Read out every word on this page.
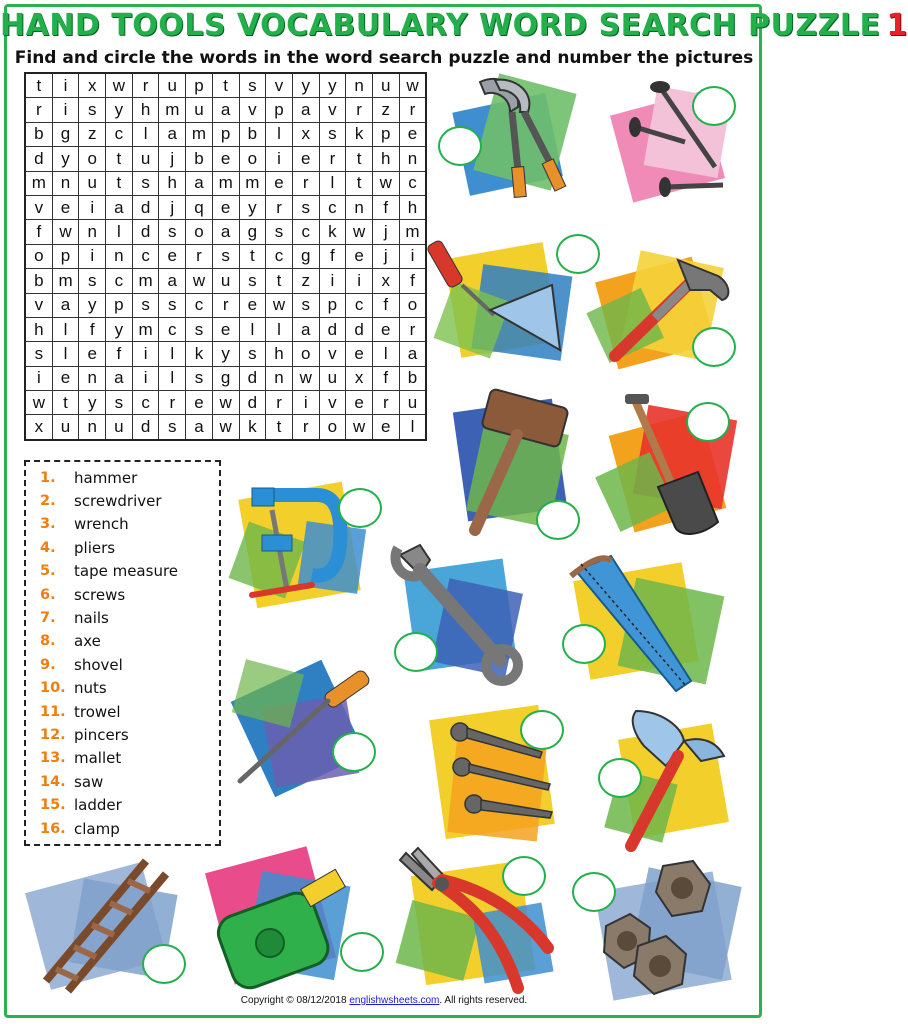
HAND TOOLS VOCABULARY WORD SEARCH PUZZLE 1
Find and circle the words in the word search puzzle and number the pictures
t	i	x	w	r	u	p	t	s	v	y	y	n	u	w
r	i	s	y	h	m	u	a	v	p	a	v	r	z	r
b	g	z	c	l	a	m	p	b	l	x	s	k	p	e
d	y	o	t	u	j	b	e	o	i	e	r	t	h	n
m	n	u	t	s	h	a	m	m	e	r	l	t	w	c
v	e	i	a	d	j	q	e	y	r	s	c	n	f	h
f	w	n	l	d	s	o	a	g	s	c	k	w	j	m
o	p	i	n	c	e	r	s	t	c	g	f	e	j	i
b	m	s	c	m	a	w	u	s	t	z	i	i	x	f
v	a	y	p	s	s	c	r	e	w	s	p	c	f	o
h	l	f	y	m	c	s	e	l	l	a	d	d	e	r
s	l	e	f	i	l	k	y	s	h	o	v	e	l	a
i	e	n	a	i	l	s	g	d	n	w	u	x	f	b
w	t	y	s	c	r	e	w	d	r	i	v	e	r	u
x	u	n	u	d	s	a	w	k	t	r	o	w	e	l
1.	hammer
2.	screwdriver
3.	wrench
4.	pliers
5.	tape measure
6.	screws
7.	nails
8.	axe
9.	shovel
10. nuts
11. trowel
12. pincers
13. mallet
14. saw
15. ladder
16. clamp
Copyright © 08/12/2018 englishwsheets.com. All rights reserved.
